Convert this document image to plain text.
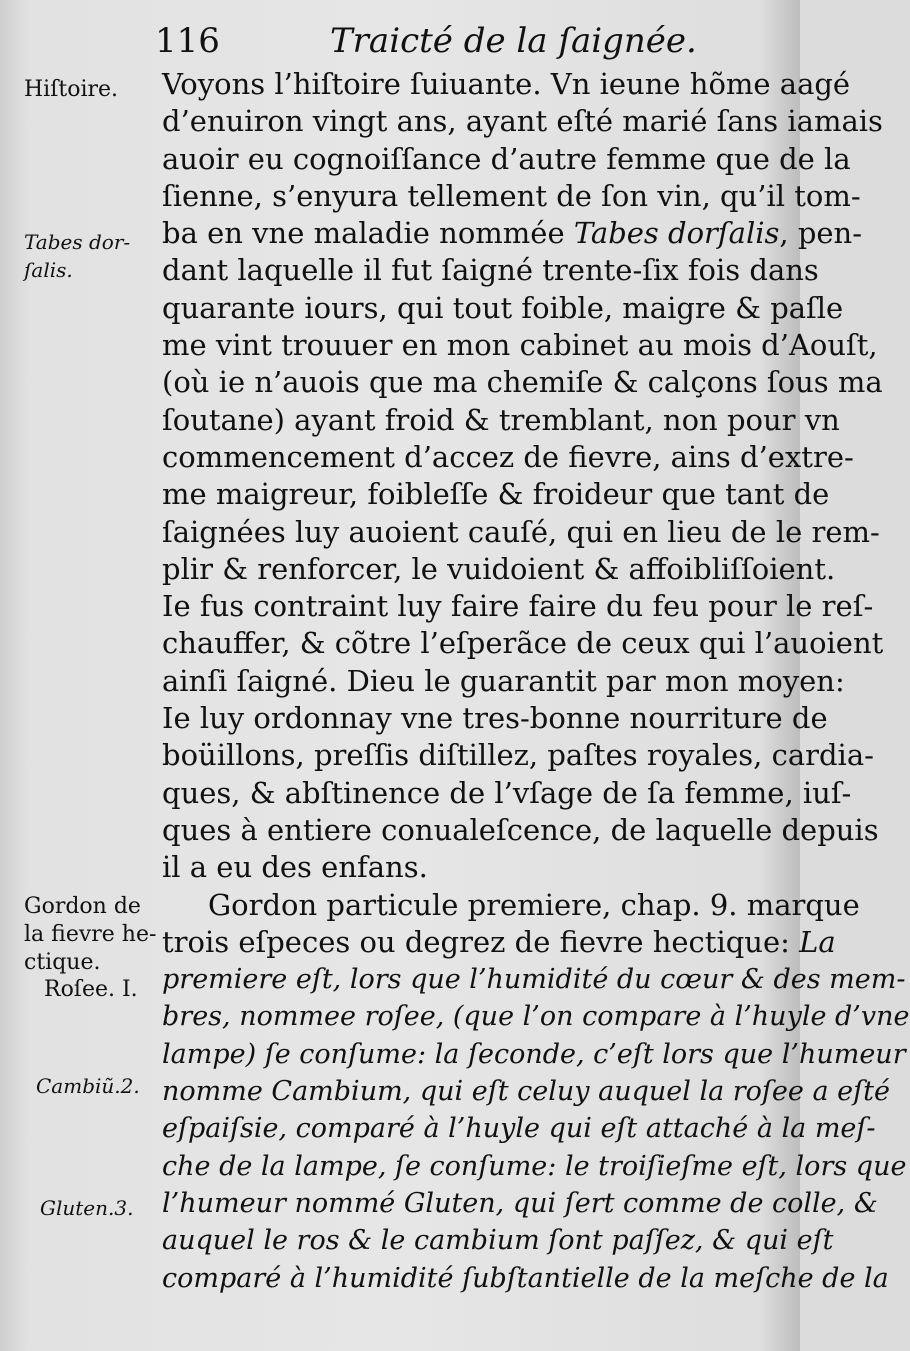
116	Traicté de la ſaignée.
Hiſtoire.
Tabes dor-
ſalis.
Gordon de
la fievre he-
ctique.
Roſee. I.
Cambiũ.2.
Gluten.3.
Voyons l’hiſtoire ſuiuante. Vn ieune hõme aagé
d’enuiron vingt ans, ayant eſté marié ſans iamais
auoir eu cognoiſſance d’autre femme que de la
ſienne, s’enyura tellement de ſon vin, qu’il tom-
ba en vne maladie nommée Tabes dorſalis, pen-
dant laquelle il fut ſaigné trente-ſix fois dans
quarante iours, qui tout foible, maigre & paſle
me vint trouuer en mon cabinet au mois d’Aouſt,
(où ie n’auois que ma chemiſe & calçons ſous ma
ſoutane) ayant froid & tremblant, non pour vn
commencement d’accez de fievre, ains d’extre-
me maigreur, foibleſſe & froideur que tant de
ſaignées luy auoient cauſé, qui en lieu de le rem-
plir & renforcer, le vuidoient & affoibliſſoient.
Ie fus contraint luy faire faire du feu pour le reſ-
chauffer, & cõtre l’eſperãce de ceux qui l’auoient
ainſi ſaigné. Dieu le guarantit par mon moyen:
Ie luy ordonnay vne tres-bonne nourriture de
boüillons, preſſis diſtillez, paſtes royales, cardia-
ques, & abſtinence de l’vſage de ſa femme, iuſ-
ques à entiere conualeſcence, de laquelle depuis
il a eu des enfans.
Gordon particule premiere, chap. 9. marque
trois eſpeces ou degrez de fievre hectique: La
premiere eſt, lors que l’humidité du cœur & des mem-
bres, nommee roſee, (que l’on compare à l’huyle d’vne
lampe) ſe conſume: la ſeconde, c’eſt lors que l’humeur
nomme Cambium, qui eſt celuy auquel la roſee a eſté
eſpaiſsie, comparé à l’huyle qui eſt attaché à la meſ-
che de la lampe, ſe conſume: le troiſieſme eſt, lors que
l’humeur nommé Gluten, qui ſert comme de colle, &
auquel le ros & le cambium ſont paſſez, & qui eſt
comparé à l’humidité ſubſtantielle de la meſche de la
